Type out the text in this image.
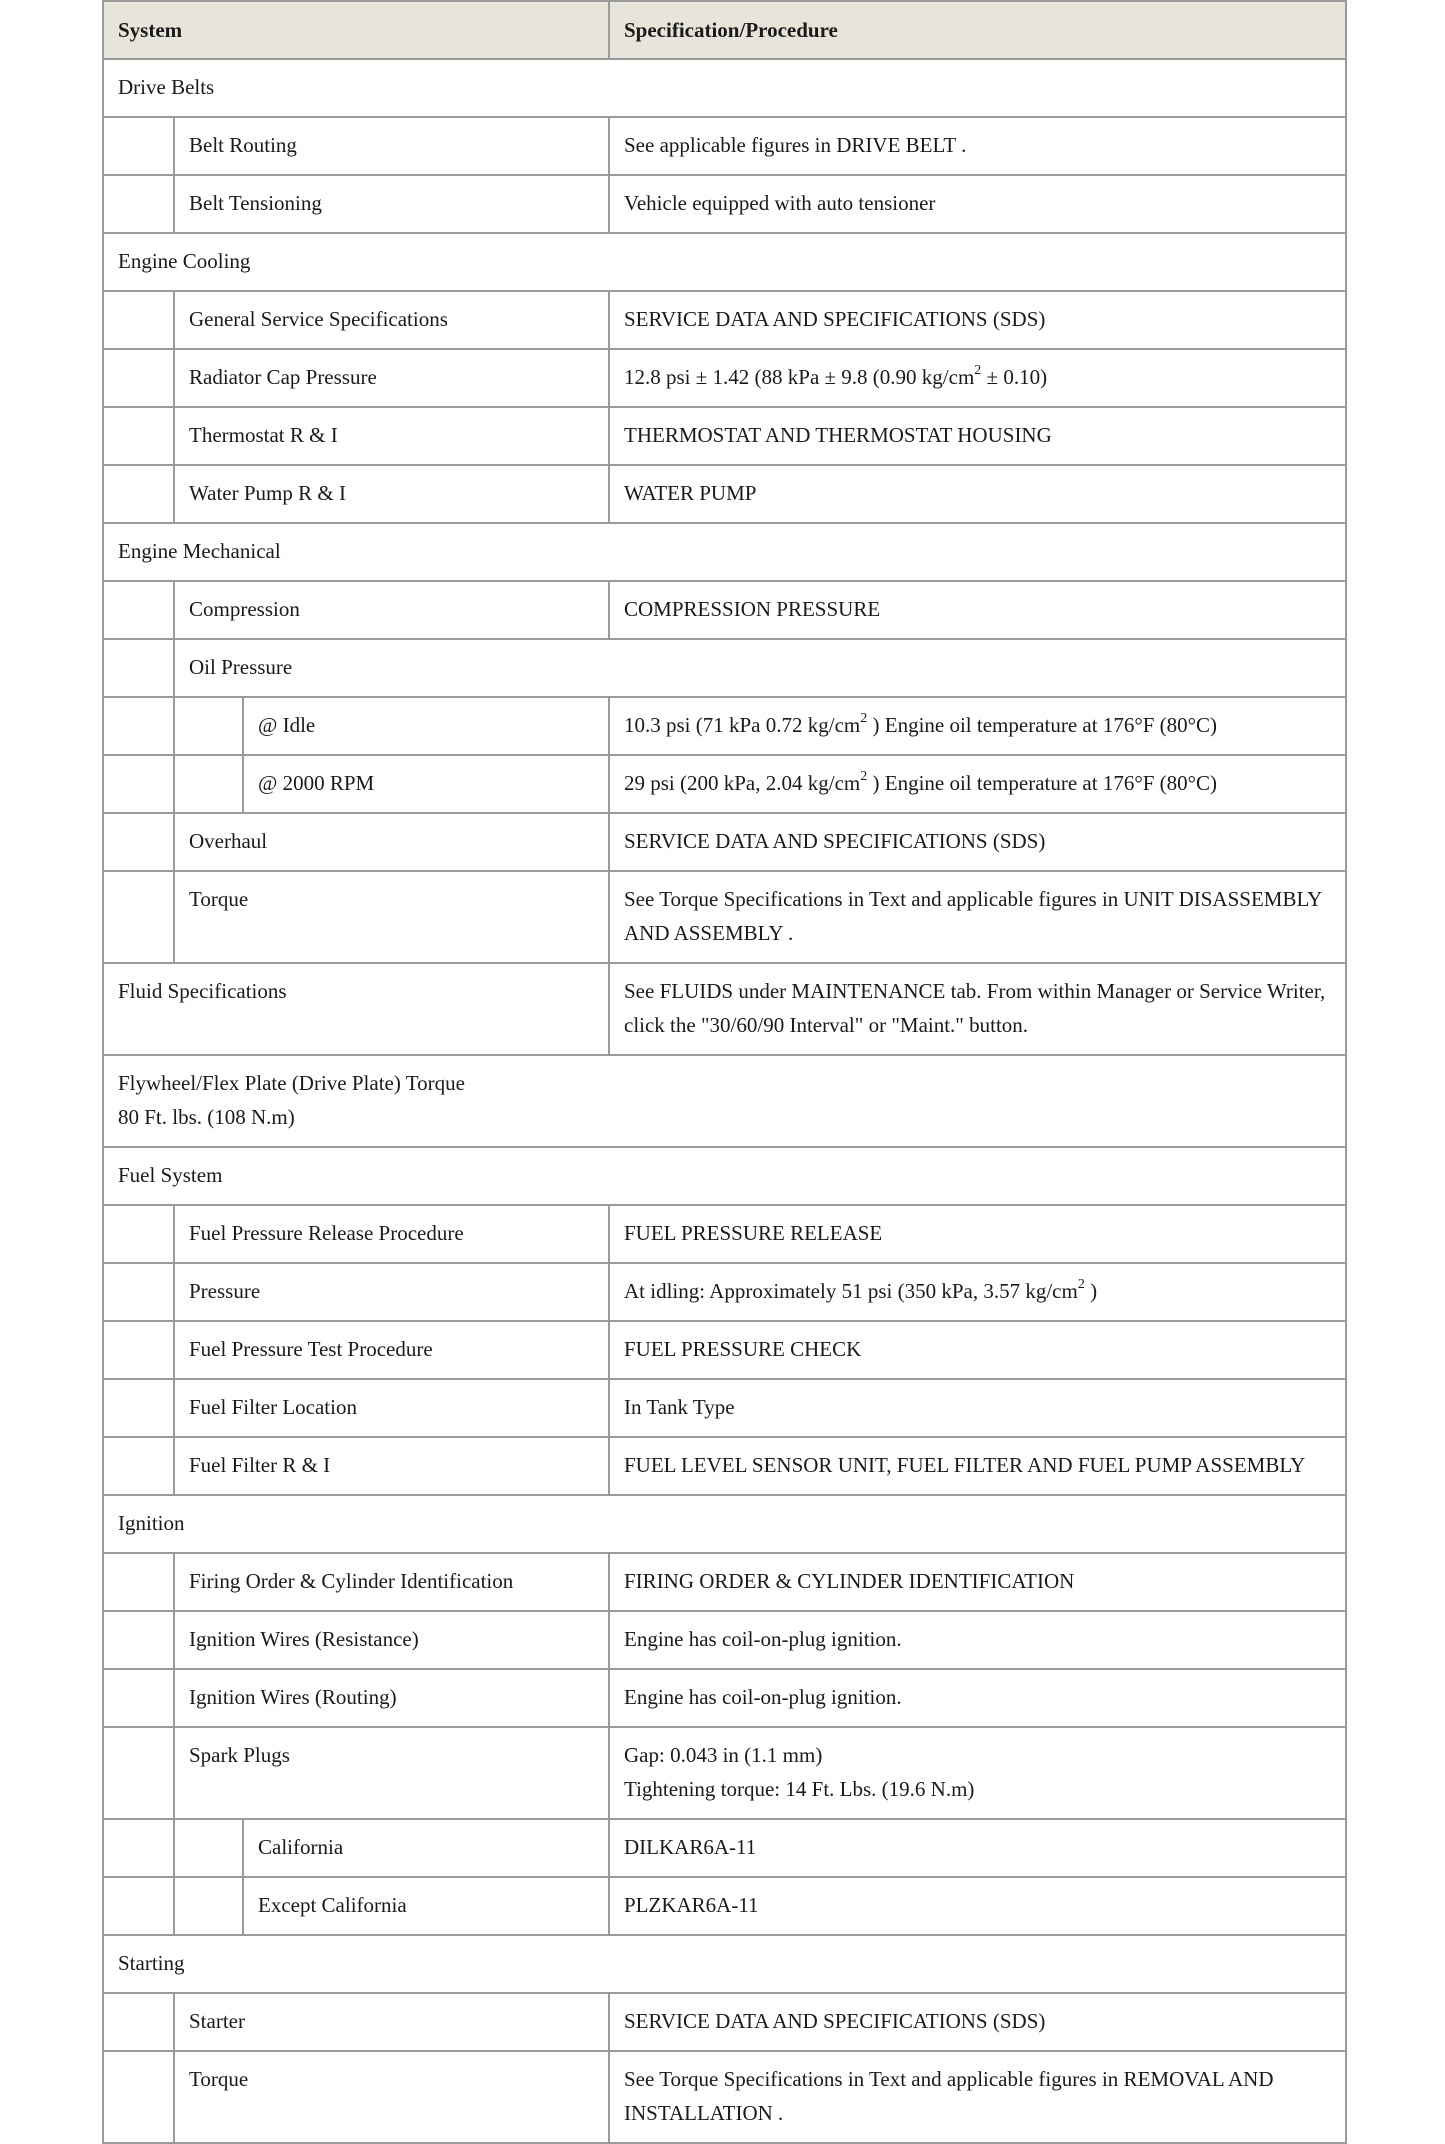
System			Specification/Procedure
Drive Belts			
	Belt Routing		See applicable figures in DRIVE BELT .
	Belt Tensioning		Vehicle equipped with auto tensioner
Engine Cooling			
	General Service Specifications		SERVICE DATA AND SPECIFICATIONS (SDS)
	Radiator Cap Pressure		12.8 psi ± 1.42 (88 kPa ± 9.8 (0.90 $kg/cm^2 \pm 0.10$)
	Thermostat R & I		THERMOSTAT AND THERMOSTAT HOUSING
	Water Pump R & I		WATER PUMP
Engine Mechanical			
	Compression		COMPRESSION PRESSURE
	Oil Pressure		
		@ Idle	10.3 psi (71 kPa 0.72 $kg/cm^2$ ) Engine oil temperature at 176°F (80°C)
		@ 2000 RPM	29 psi (200 kPa, 2.04 $kg/cm^2$ ) Engine oil temperature at 176°F (80°C)
	Overhaul		SERVICE DATA AND SPECIFICATIONS (SDS)
	Torque		See Torque Specifications in Text and applicable figures in UNIT DISASSEMBLY AND ASSEMBLY .
Fluid Specifications			See FLUIDS under MAINTENANCE tab. From within Manager or Service Writer, click the "30/60/90 Interval" or "Maint." button.
Flywheel/Flex Plate (Drive Plate) Torque
80 Ft. lbs. (108 N.m)			
Fuel System			
	Fuel Pressure Release Procedure		FUEL PRESSURE RELEASE
	Pressure		At idling: Approximately 51 psi (350 kPa, 3.57 $kg/cm^2$ )
	Fuel Pressure Test Procedure		FUEL PRESSURE CHECK
	Fuel Filter Location		In Tank Type
	Fuel Filter R & I		FUEL LEVEL SENSOR UNIT, FUEL FILTER AND FUEL PUMP ASSEMBLY
Ignition			
	Firing Order & Cylinder Identification		FIRING ORDER & CYLINDER IDENTIFICATION
	Ignition Wires (Resistance)		Engine has coil-on-plug ignition.
	Ignition Wires (Routing)		Engine has coil-on-plug ignition.
	Spark Plugs		Gap: 0.043 in (1.1 mm)
Tightening torque: 14 Ft. Lbs. (19.6 N.m)
		California	DILKAR6A-11
		Except California	PLZKAR6A-11
Starting			
	Starter		SERVICE DATA AND SPECIFICATIONS (SDS)
	Torque		See Torque Specifications in Text and applicable figures in REMOVAL AND INSTALLATION .
